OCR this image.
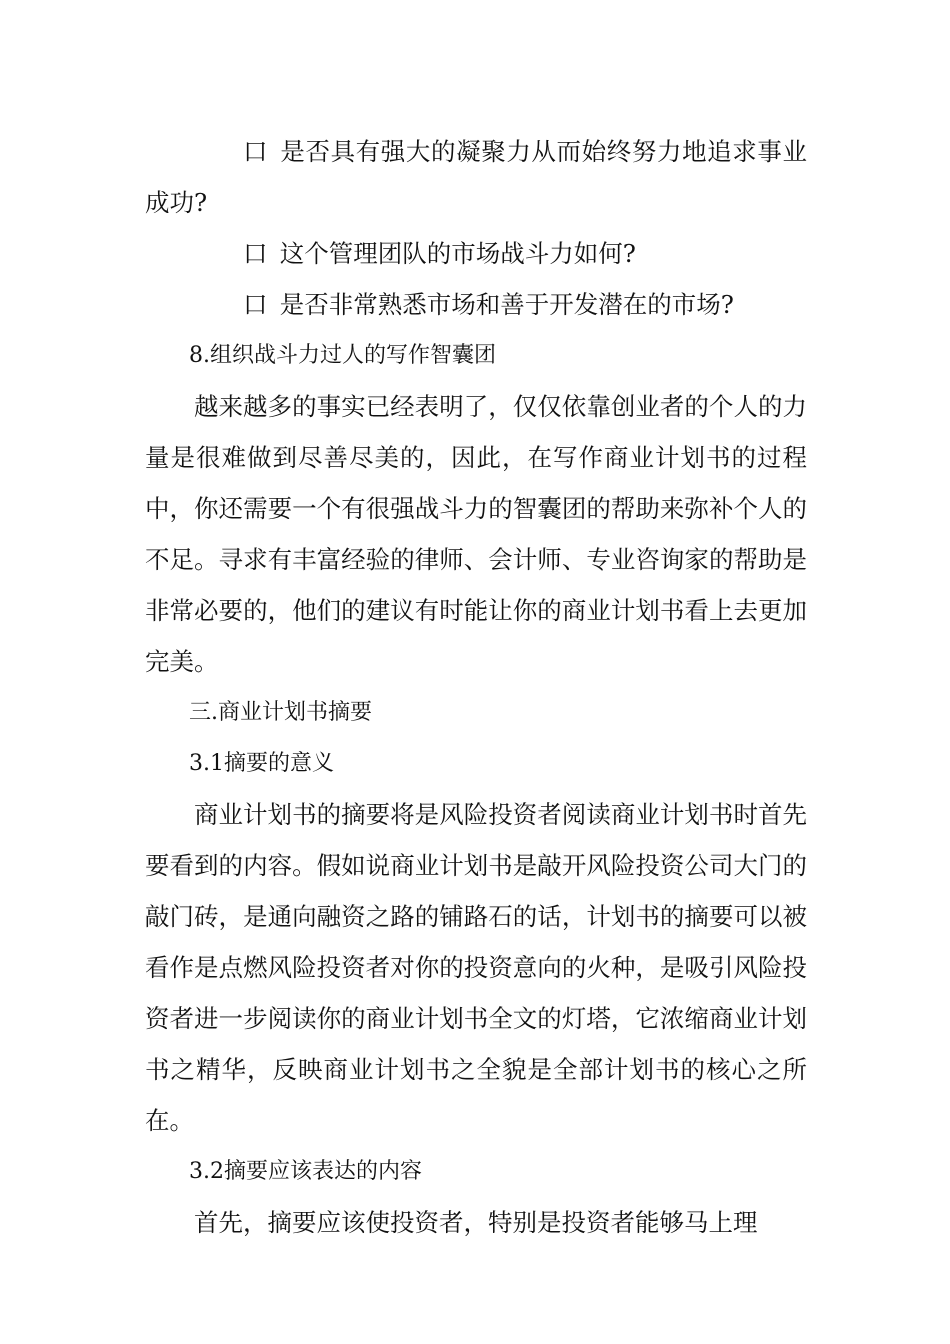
口 是否具有强大的凝聚力从而始终努力地追求事业成功?

口 这个管理团队的市场战斗力如何?

口 是否非常熟悉市场和善于开发潜在的市场?

8.组织战斗力过人的写作智囊团

越来越多的事实已经表明了，仅仅依靠创业者的个人的力量是很难做到尽善尽美的，因此，在写作商业计划书的过程中，你还需要一个有很强战斗力的智囊团的帮助来弥补个人的不足。寻求有丰富经验的律师、会计师、专业咨询家的帮助是非常必要的，他们的建议有时能让你的商业计划书看上去更加完美。

三.商业计划书摘要

3.1摘要的意义

商业计划书的摘要将是风险投资者阅读商业计划书时首先要看到的内容。假如说商业计划书是敲开风险投资公司大门的敲门砖，是通向融资之路的铺路石的话，计划书的摘要可以被看作是点燃风险投资者对你的投资意向的火种，是吸引风险投资者进一步阅读你的商业计划书全文的灯塔，它浓缩商业计划书之精华，反映商业计划书之全貌是全部计划书的核心之所在。

3.2摘要应该表达的内容

首先，摘要应该使投资者，特别是投资者能够马上理
